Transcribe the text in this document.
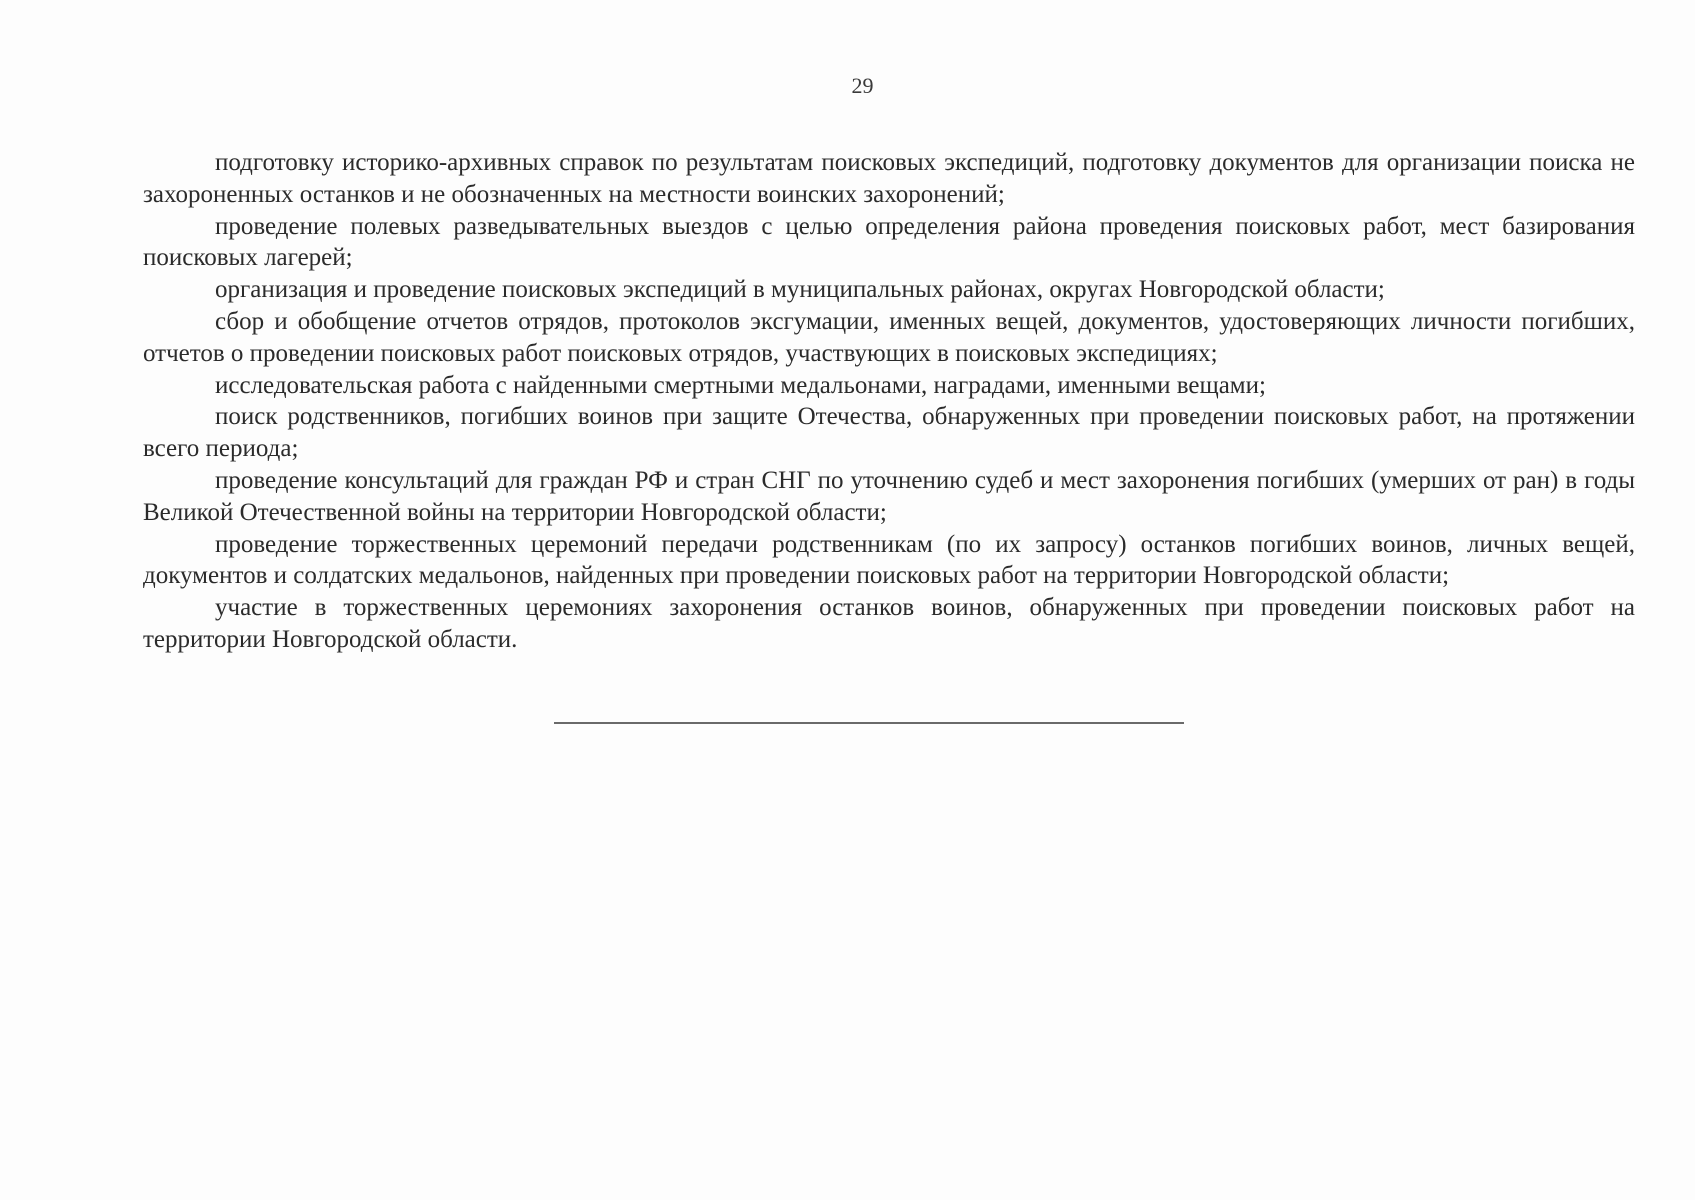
29

подготовку историко-архивных справок по результатам поисковых экспедиций, подготовку документов для организации поиска не захороненных останков и не обозначенных на местности воинских захоронений;

проведение полевых разведывательных выездов с целью определения района проведения поисковых работ, мест базирования поисковых лагерей;

организация и проведение поисковых экспедиций в муниципальных районах, округах Новгородской области;

сбор и обобщение отчетов отрядов, протоколов эксгумации, именных вещей, документов, удостоверяющих личности погибших, отчетов о проведении поисковых работ поисковых отрядов, участвующих в поисковых экспедициях;

исследовательская работа с найденными смертными медальонами, наградами, именными вещами;

поиск родственников, погибших воинов при защите Отечества, обнаруженных при проведении поисковых работ, на протяжении всего периода;

проведение консультаций для граждан РФ и стран СНГ по уточнению судеб и мест захоронения погибших (умерших от ран) в годы Великой Отечественной войны на территории Новгородской области;

проведение торжественных церемоний передачи родственникам (по их запросу) останков погибших воинов, личных вещей, документов и солдатских медальонов, найденных при проведении поисковых работ на территории Новгородской области;

участие в торжественных церемониях захоронения останков воинов, обнаруженных при проведении поисковых работ на территории Новгородской области.
